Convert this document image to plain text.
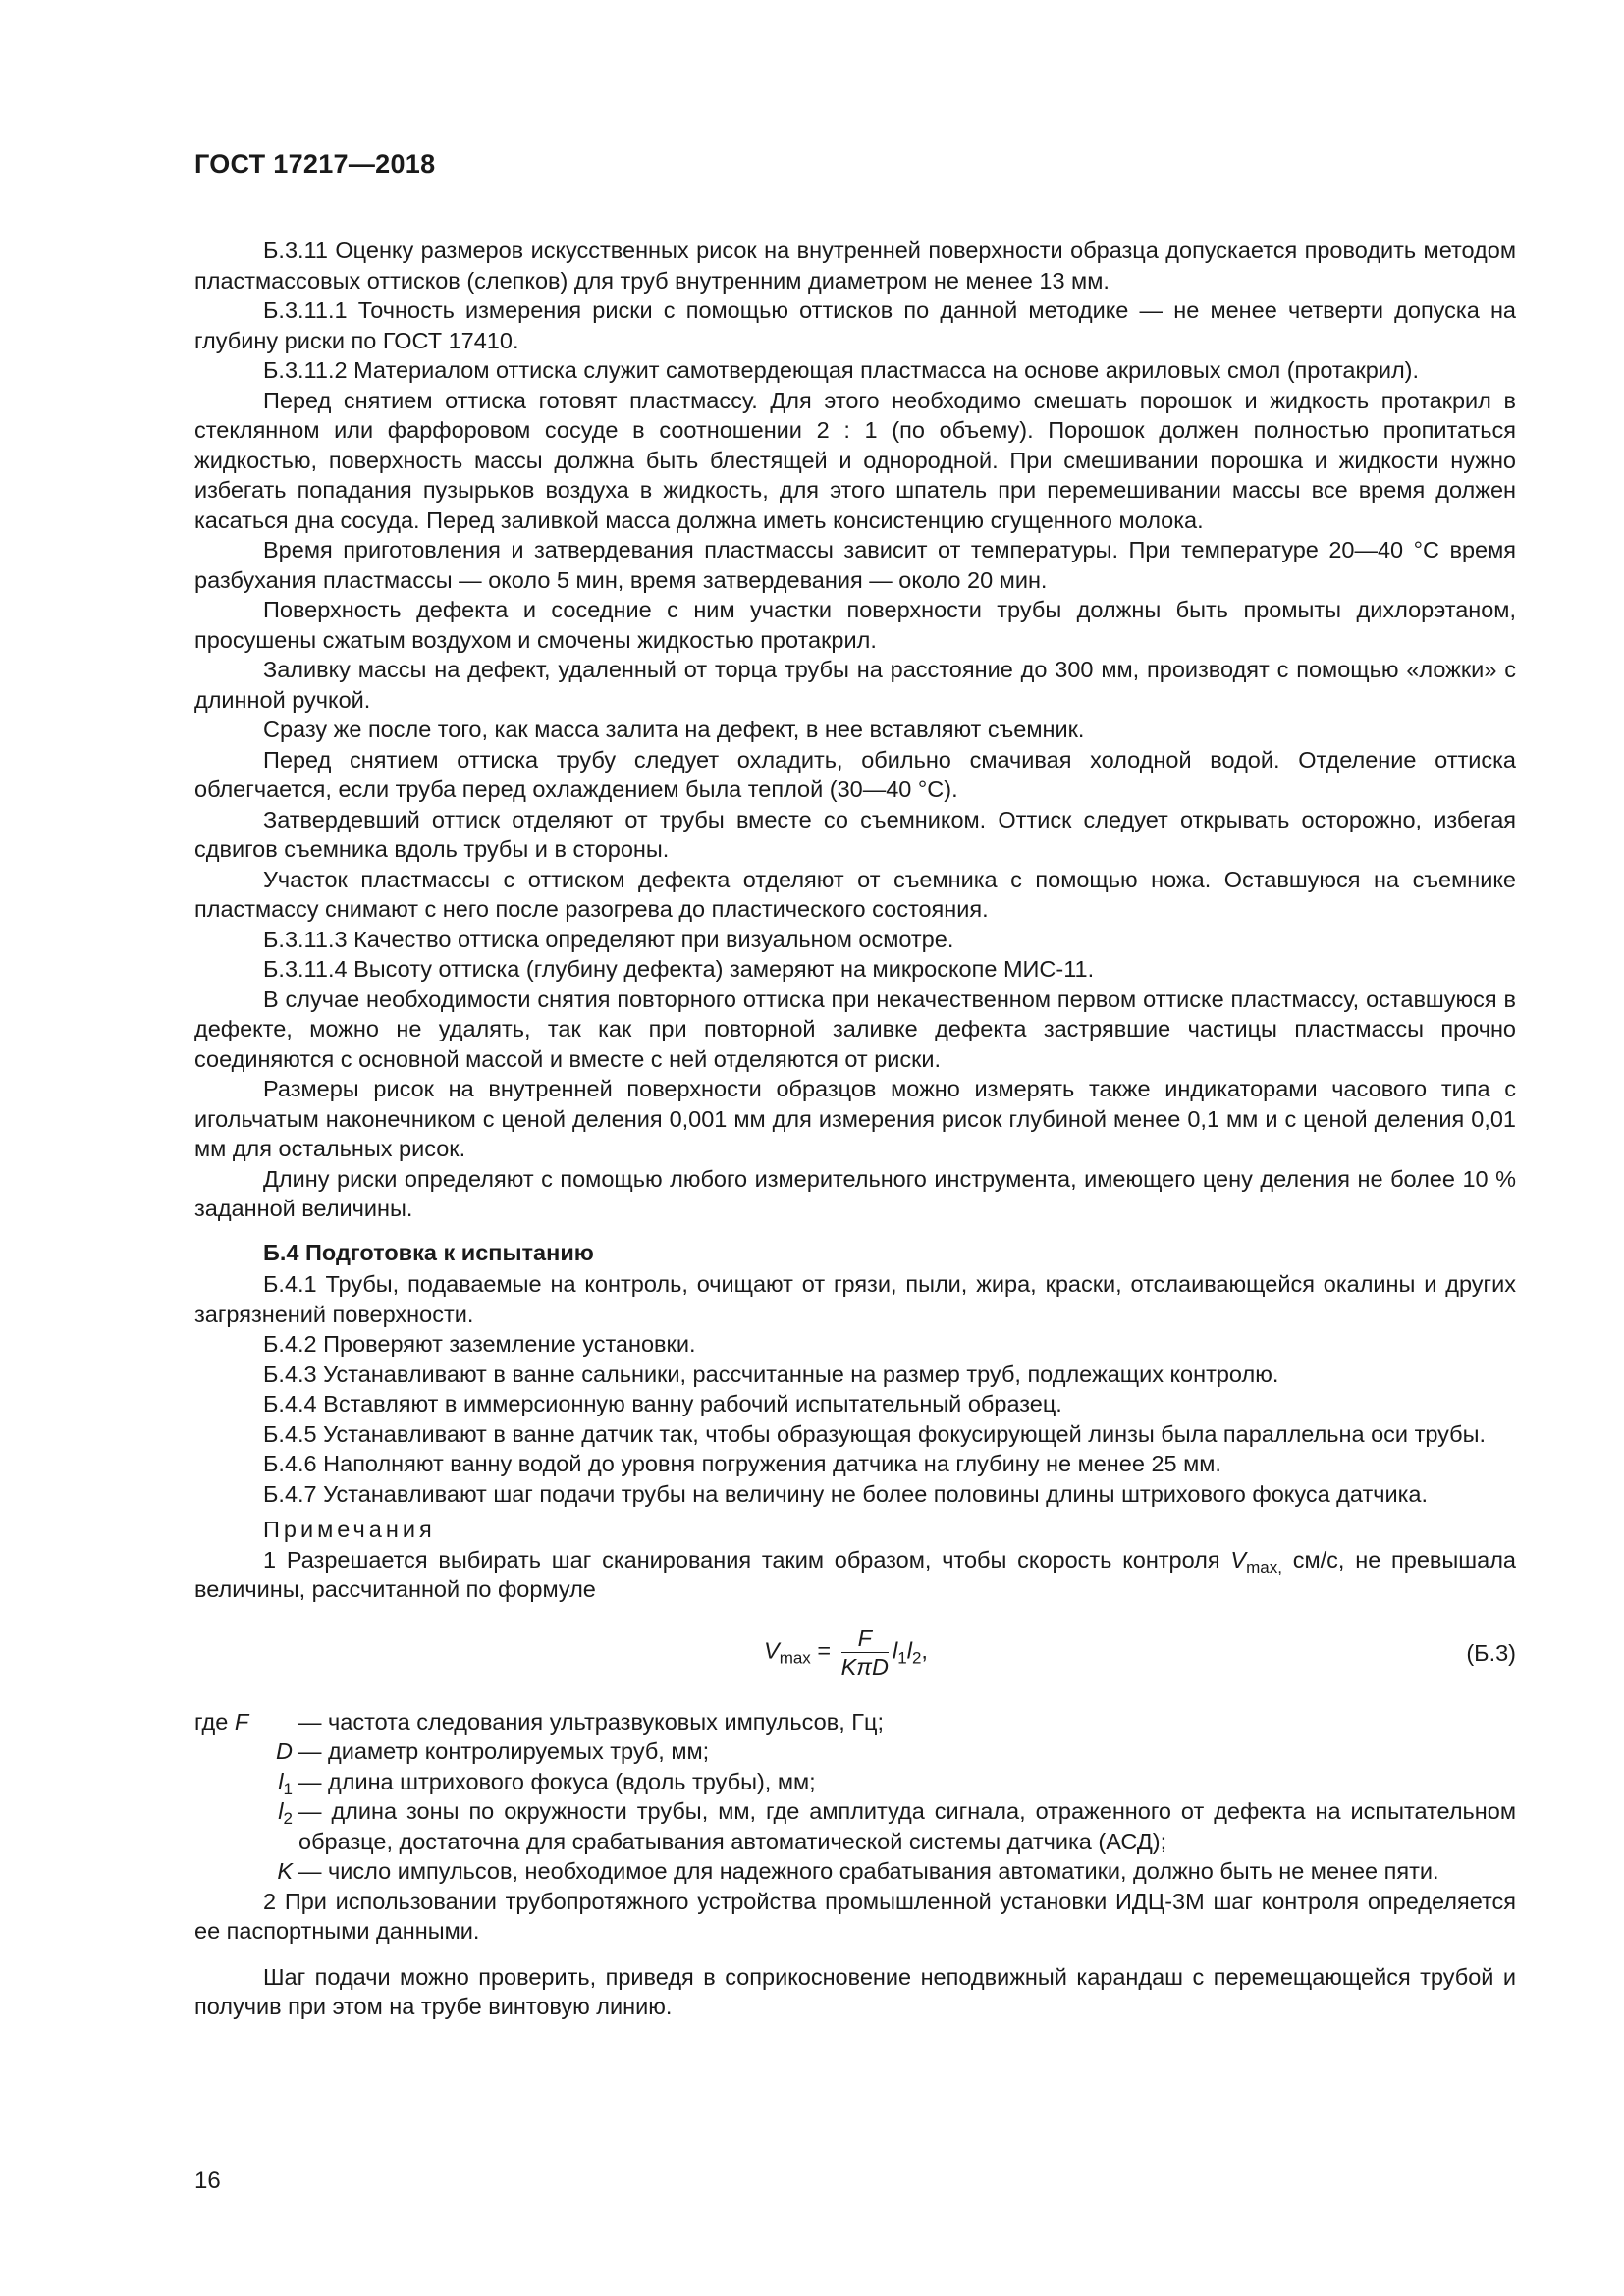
ГОСТ 17217—2018

Б.3.11 Оценку размеров искусственных рисок на внутренней поверхности образца допускается проводить методом пластмассовых оттисков (слепков) для труб внутренним диаметром не менее 13 мм.

Б.3.11.1 Точность измерения риски с помощью оттисков по данной методике — не менее четверти допуска на глубину риски по ГОСТ 17410.

Б.3.11.2 Материалом оттиска служит самотвердеющая пластмасса на основе акриловых смол (протакрил).

Перед снятием оттиска готовят пластмассу. Для этого необходимо смешать порошок и жидкость протакрил в стеклянном или фарфоровом сосуде в соотношении 2 : 1 (по объему). Порошок должен полностью пропитаться жидкостью, поверхность массы должна быть блестящей и однородной. При смешивании порошка и жидкости нужно избегать попадания пузырьков воздуха в жидкость, для этого шпатель при перемешивании массы все время должен касаться дна сосуда. Перед заливкой масса должна иметь консистенцию сгущенного молока.

Время приготовления и затвердевания пластмассы зависит от температуры. При температуре 20—40 °С время разбухания пластмассы — около 5 мин, время затвердевания — около 20 мин.

Поверхность дефекта и соседние с ним участки поверхности трубы должны быть промыты дихлорэтаном, просушены сжатым воздухом и смочены жидкостью протакрил.

Заливку массы на дефект, удаленный от торца трубы на расстояние до 300 мм, производят с помощью «ложки» с длинной ручкой.

Сразу же после того, как масса залита на дефект, в нее вставляют съемник.

Перед снятием оттиска трубу следует охладить, обильно смачивая холодной водой. Отделение оттиска облегчается, если труба перед охлаждением была теплой (30—40 °С).

Затвердевший оттиск отделяют от трубы вместе со съемником. Оттиск следует открывать осторожно, избегая сдвигов съемника вдоль трубы и в стороны.

Участок пластмассы с оттиском дефекта отделяют от съемника с помощью ножа. Оставшуюся на съемнике пластмассу снимают с него после разогрева до пластического состояния.

Б.3.11.3 Качество оттиска определяют при визуальном осмотре.

Б.3.11.4 Высоту оттиска (глубину дефекта) замеряют на микроскопе МИС-11.

В случае необходимости снятия повторного оттиска при некачественном первом оттиске пластмассу, оставшуюся в дефекте, можно не удалять, так как при повторной заливке дефекта застрявшие частицы пластмассы прочно соединяются с основной массой и вместе с ней отделяются от риски.

Размеры рисок на внутренней поверхности образцов можно измерять также индикаторами часового типа с игольчатым наконечником с ценой деления 0,001 мм для измерения рисок глубиной менее 0,1 мм и с ценой деления 0,01 мм для остальных рисок.

Длину риски определяют с помощью любого измерительного инструмента, имеющего цену деления не более 10 % заданной величины.

Б.4 Подготовка к испытанию

Б.4.1 Трубы, подаваемые на контроль, очищают от грязи, пыли, жира, краски, отслаивающейся окалины и других загрязнений поверхности.

Б.4.2 Проверяют заземление установки.

Б.4.3 Устанавливают в ванне сальники, рассчитанные на размер труб, подлежащих контролю.

Б.4.4 Вставляют в иммерсионную ванну рабочий испытательный образец.

Б.4.5 Устанавливают в ванне датчик так, чтобы образующая фокусирующей линзы была параллельна оси трубы.

Б.4.6 Наполняют ванну водой до уровня погружения датчика на глубину не менее 25 мм.

Б.4.7 Устанавливают шаг подачи трубы на величину не более половины длины штрихового фокуса датчика.

Примечания

1 Разрешается выбирать шаг сканирования таким образом, чтобы скорость контроля $V_{max,}$ см/с, не превышала величины, рассчитанной по формуле

$V_{max} = \frac{F}{\text{KπD}} l_1l_2$,	(Б.3)
где F	— частота следования ультразвуковых импульсов, Гц;
D — диаметр контролируемых труб, мм;
$l_1$ — длина штрихового фокуса (вдоль трубы), мм;
$l_2$ — длина зоны по окружности трубы, мм, где амплитуда сигнала, отраженного от дефекта на испытательном образце, достаточна для срабатывания автоматической системы датчика (АСД);
K — число импульсов, необходимое для надежного срабатывания автоматики, должно быть не менее пяти.

2 При использовании трубопротяжного устройства промышленной установки ИДЦ-3М шаг контроля определяется ее паспортными данными.

Шаг подачи можно проверить, приведя в соприкосновение неподвижный карандаш с перемещающейся трубой и получив при этом на трубе винтовую линию.

16
